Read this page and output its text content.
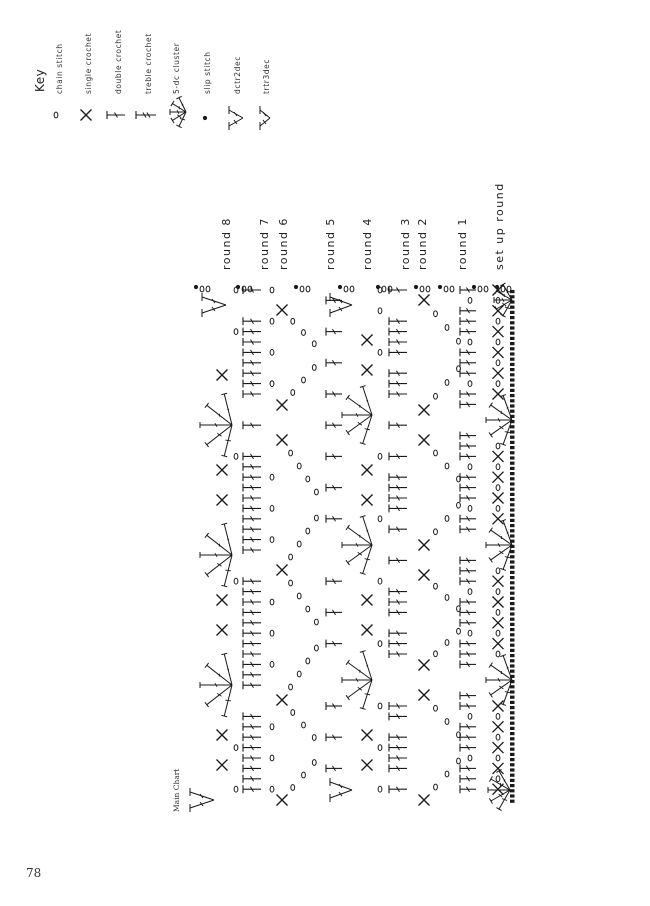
Key chain stitch	single crochet	double crochet	treble crochet	5-dc cluster	slip stitch	dctr2dec	trtr3dec
round 8 round 7 round 6	round 5 round 4 round 3 round 2 round 1 set up round
Main Chart
78
